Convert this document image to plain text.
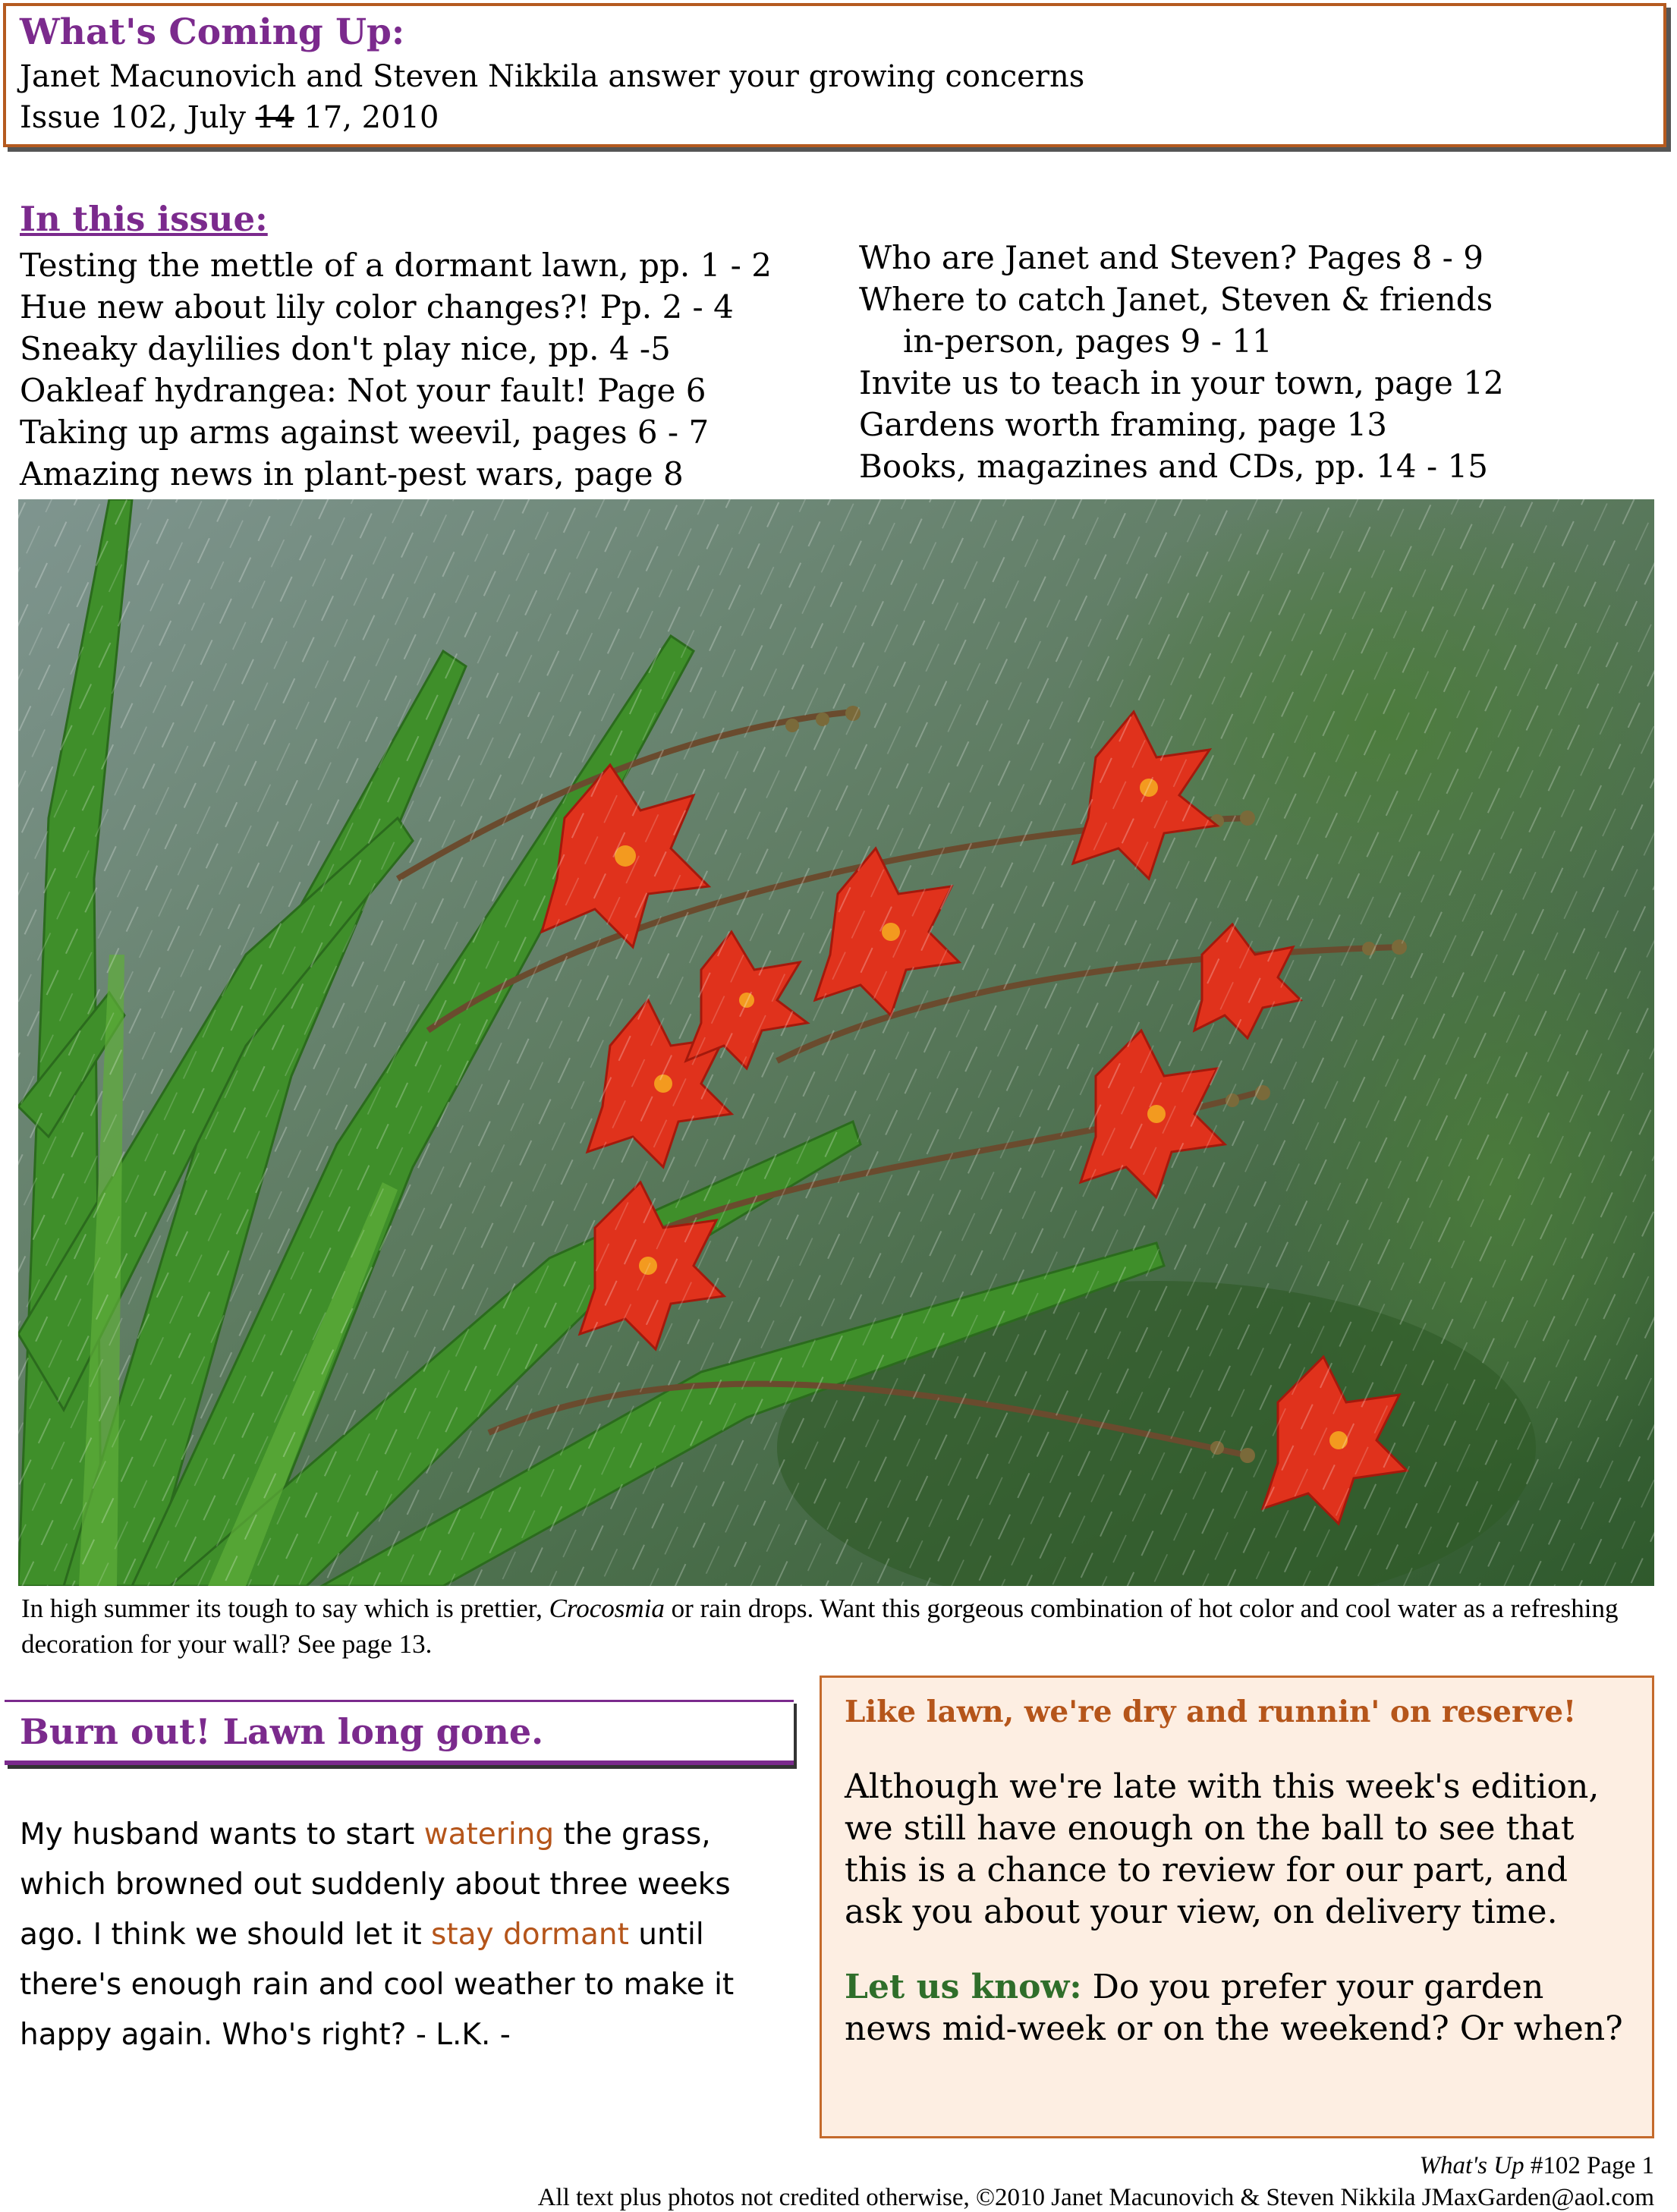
What's Coming Up:
Janet Macunovich and Steven Nikkila answer your growing concerns
Issue 102, July 14 17, 2010
In this issue:
Testing the mettle of a dormant lawn, pp. 1 - 2
Hue new about lily color changes?! Pp. 2 - 4
Sneaky daylilies don't play nice, pp. 4 -5
Oakleaf hydrangea: Not your fault! Page 6
Taking up arms against weevil, pages 6 - 7
Amazing news in plant-pest wars, page 8
Who are Janet and Steven? Pages 8 - 9
Where to catch Janet, Steven & friends
in-person, pages 9 - 11
Invite us to teach in your town, page 12
Gardens worth framing, page 13
Books, magazines and CDs, pp. 14 - 15
In high summer its tough to say which is prettier, Crocosmia or rain drops. Want this gorgeous combination of hot color and cool water as a refreshing decoration for your wall? See page 13.
Burn out! Lawn long gone.
My husband wants to start watering the grass, which browned out suddenly about three weeks ago. I think we should let it stay dormant until there's enough rain and cool weather to make it happy again. Who's right? - L.K. -
Like lawn, we're dry and runnin' on reserve!

Although we're late with this week's edition, we still have enough on the ball to see that this is a chance to review for our part, and ask you about your view, on delivery time.

Let us know: Do you prefer your garden news mid-week or on the weekend? Or when?

What's Up #102 Page 1
All text plus photos not credited otherwise, ©2010 Janet Macunovich & Steven Nikkila JMaxGarden@aol.com
